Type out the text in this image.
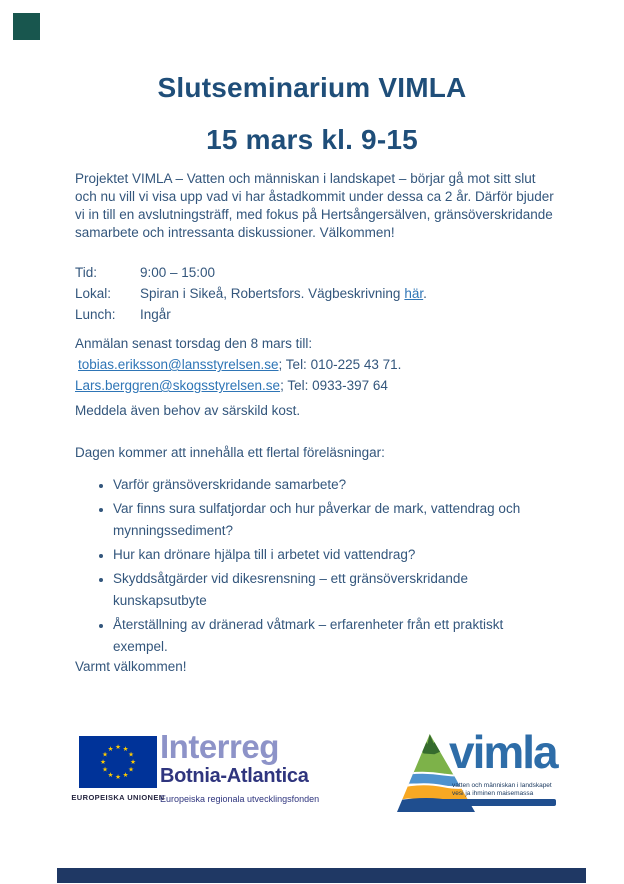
Slutseminarium VIMLA
15 mars kl. 9-15
Projektet VIMLA – Vatten och människan i landskapet – börjar gå mot sitt slut och nu vill vi visa upp vad vi har åstadkommit under dessa ca 2 år. Därför bjuder vi in till en avslutningsträff, med fokus på Hertsångersälven, gränsöverskridande samarbete och intressanta diskussioner. Välkommen!
Tid:	9:00 – 15:00
Lokal:	Spiran i Sikeå, Robertsfors. Vägbeskrivning här.
Lunch:	Ingår
Anmälan senast torsdag den 8 mars till:
tobias.eriksson@lansstyrelsen.se; Tel: 010-225 43 71.
Lars.berggren@skogsstyrelsen.se; Tel: 0933-397 64
Meddela även behov av särskild kost.
Dagen kommer att innehålla ett flertal föreläsningar:
• Varför gränsöverskridande samarbete?
• Var finns sura sulfatjordar och hur påverkar de mark, vattendrag och mynningssediment?
• Hur kan drönare hjälpa till i arbetet vid vattendrag?
• Skyddsåtgärder vid dikesrensning – ett gränsöverskridande kunskapsutbyte
• Återställning av dränerad våtmark – erfarenheter från ett praktiskt exempel.
Varmt välkommen!
★ ★
★
★
★
★
★
★
★
★
★
★
EUROPEISKA UNIONEN
Interreg
Botnia-Atlantica
Europeiska regionala utvecklingsfonden
vimla
vatten och människan i landskapet
vesi ja ihminen maisemassa
